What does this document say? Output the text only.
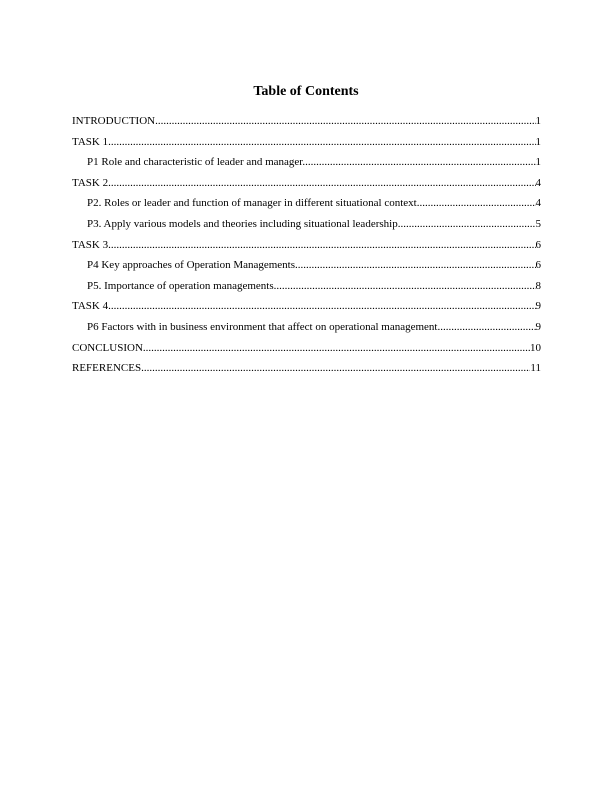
Table of Contents
INTRODUCTION .....	1
TASK 1 .....	1
P1 Role and characteristic of leader and manager. .....	1
TASK 2 .....	4
P2. Roles or leader and function of manager in different situational context. .....	4
P3. Apply various models and theories including situational leadership .....	5
TASK 3 .....	6
P4 Key approaches of Operation Managements. .....	6
P5. Importance of operation managements. .....	8
TASK 4 .....	9
P6 Factors with in business environment that affect on operational management. .....	9
CONCLUSION .....	10
REFERENCES .....	11
